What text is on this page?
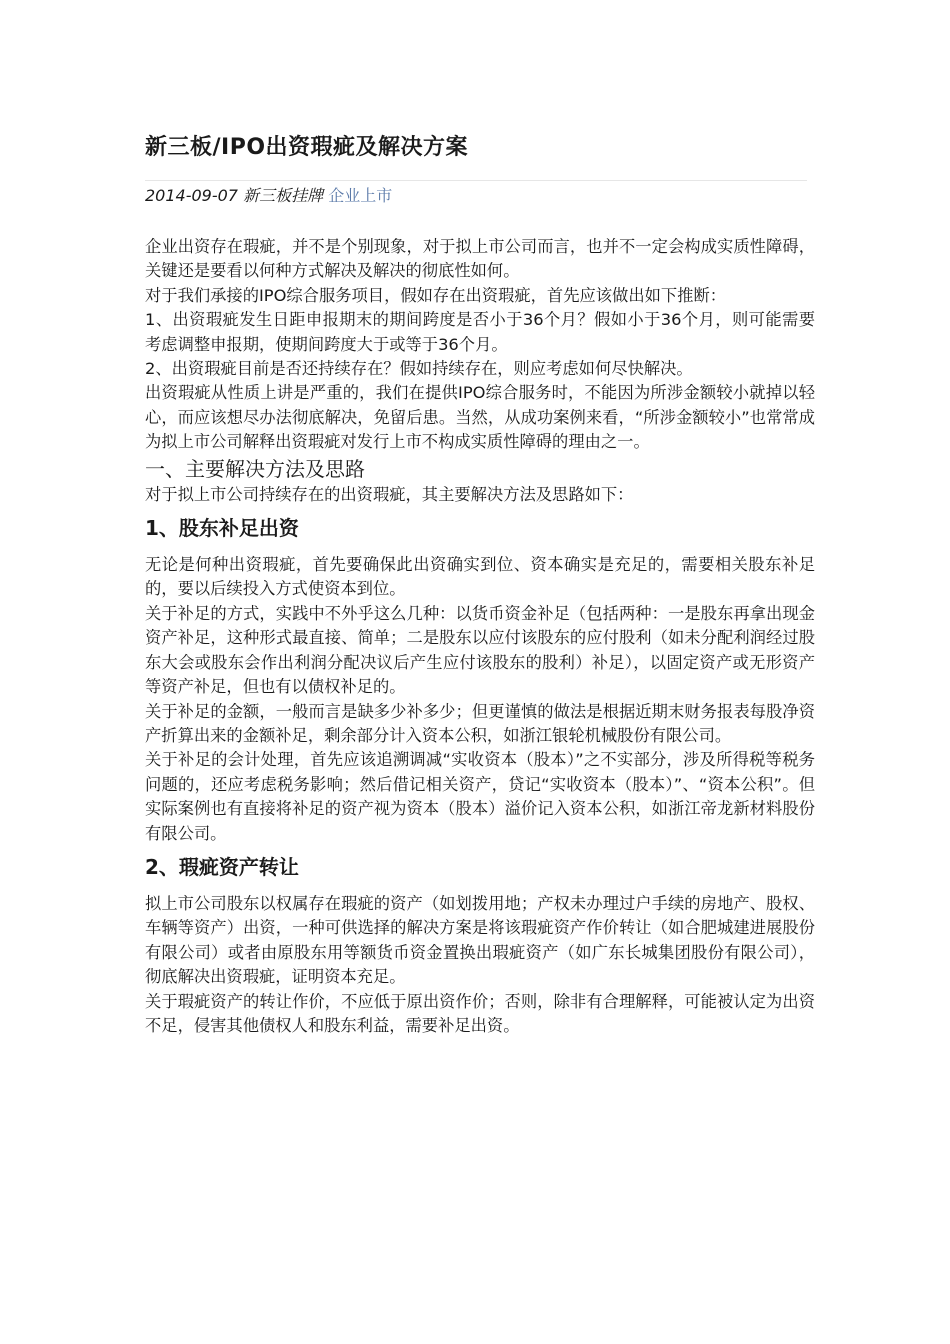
新三板/IPO出资瑕疵及解决方案
2014-09-07 新三板挂牌 企业上市

企业出资存在瑕疵，并不是个别现象，对于拟上市公司而言，也并不一定会构成实质性障碍，关键还是要看以何种方式解决及解决的彻底性如何。

对于我们承接的IPO综合服务项目，假如存在出资瑕疵，首先应该做出如下推断：

1、出资瑕疵发生日距申报期末的期间跨度是否小于36个月？假如小于36个月，则可能需要考虑调整申报期，使期间跨度大于或等于36个月。

2、出资瑕疵目前是否还持续存在？假如持续存在，则应考虑如何尽快解决。

出资瑕疵从性质上讲是严重的，我们在提供IPO综合服务时，不能因为所涉金额较小就掉以轻心，而应该想尽办法彻底解决，免留后患。当然，从成功案例来看，“所涉金额较小”也常常成为拟上市公司解释出资瑕疵对发行上市不构成实质性障碍的理由之一。

一、主要解决方法及思路

对于拟上市公司持续存在的出资瑕疵，其主要解决方法及思路如下：

1、股东补足出资

无论是何种出资瑕疵，首先要确保此出资确实到位、资本确实是充足的，需要相关股东补足的，要以后续投入方式使资本到位。

关于补足的方式，实践中不外乎这么几种：以货币资金补足（包括两种：一是股东再拿出现金资产补足，这种形式最直接、简单；二是股东以应付该股东的应付股利（如未分配利润经过股东大会或股东会作出利润分配决议后产生应付该股东的股利）补足），以固定资产或无形资产等资产补足，但也有以债权补足的。

关于补足的金额，一般而言是缺多少补多少；但更谨慎的做法是根据近期末财务报表每股净资产折算出来的金额补足，剩余部分计入资本公积，如浙江银轮机械股份有限公司。

关于补足的会计处理，首先应该追溯调减“实收资本（股本）”之不实部分，涉及所得税等税务问题的，还应考虑税务影响；然后借记相关资产，贷记“实收资本（股本）”、“资本公积”。但实际案例也有直接将补足的资产视为资本（股本）溢价记入资本公积，如浙江帝龙新材料股份有限公司。

2、瑕疵资产转让

拟上市公司股东以权属存在瑕疵的资产（如划拨用地；产权未办理过户手续的房地产、股权、车辆等资产）出资，一种可供选择的解决方案是将该瑕疵资产作价转让（如合肥城建进展股份有限公司）或者由原股东用等额货币资金置换出瑕疵资产（如广东长城集团股份有限公司），彻底解决出资瑕疵，证明资本充足。

关于瑕疵资产的转让作价，不应低于原出资作价；否则，除非有合理解释，可能被认定为出资不足，侵害其他债权人和股东利益，需要补足出资。
